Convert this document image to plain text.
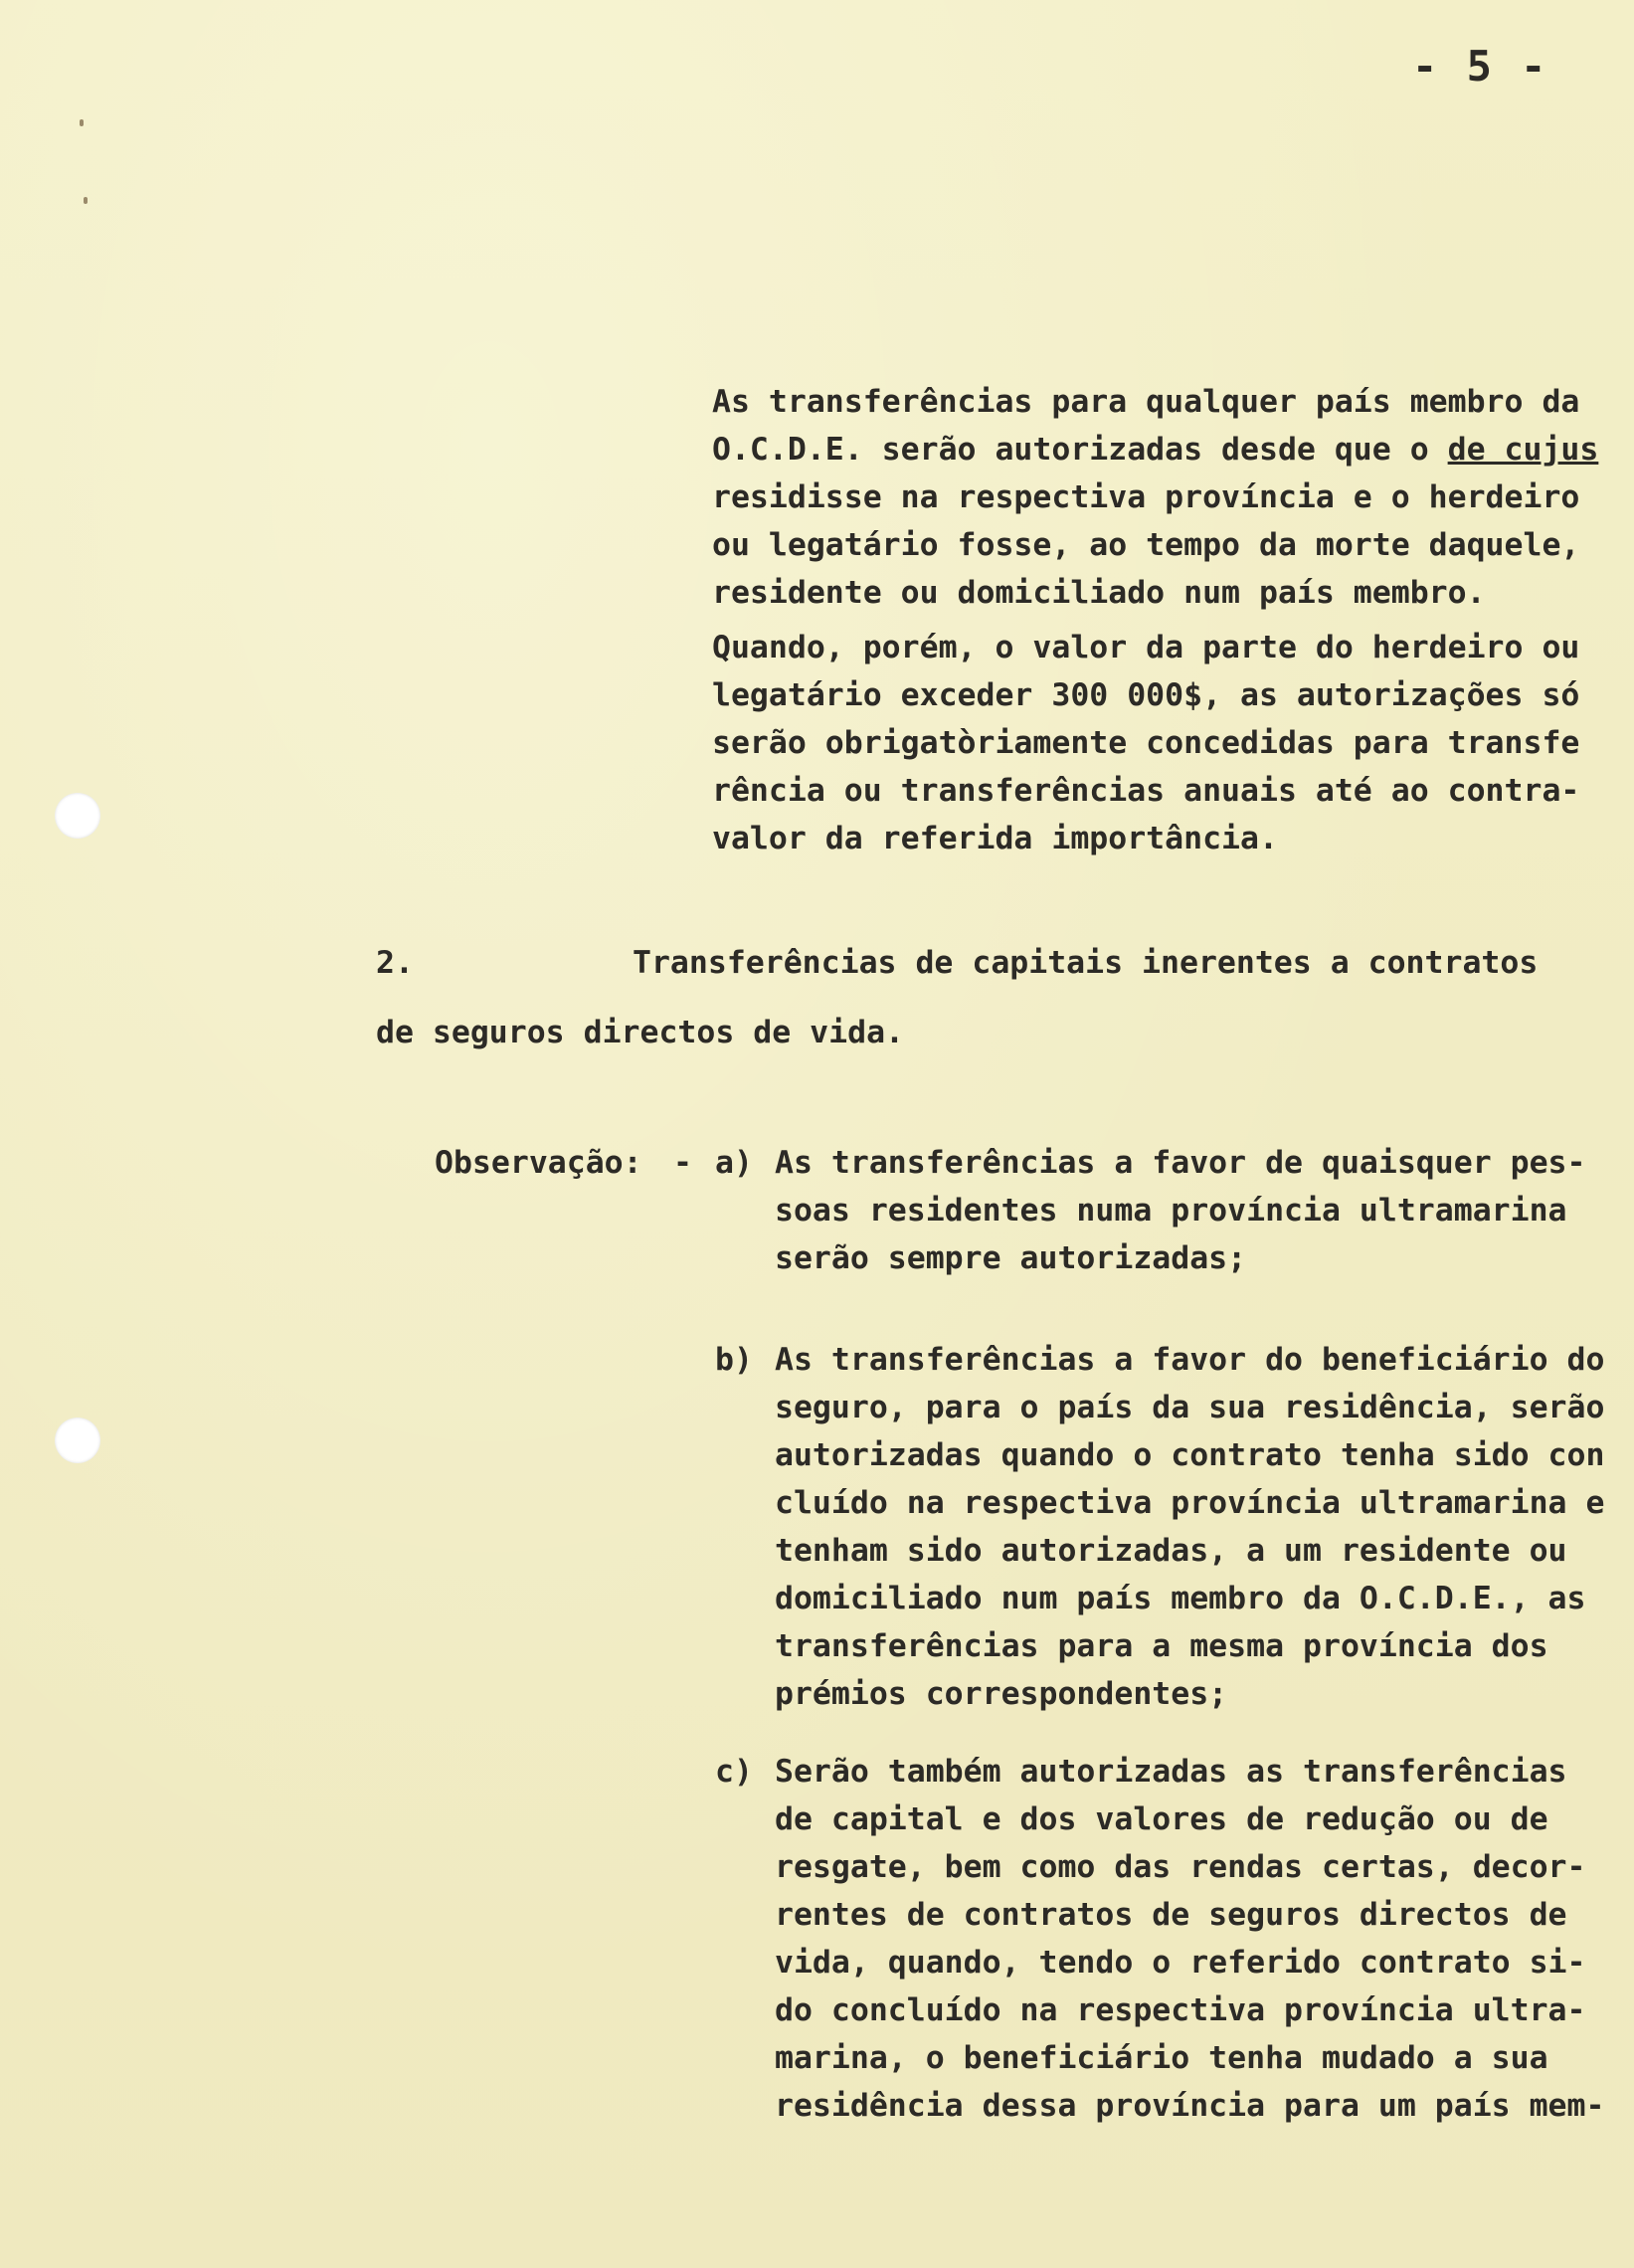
- 5 -

As transferências para qualquer país membro da

O.C.D.E. serão autorizadas desde que o de cujus

residisse na respectiva província e o herdeiro

ou legatário fosse, ao tempo da morte daquele,

residente ou domiciliado num país membro.

Quando, porém, o valor da parte do herdeiro ou

legatário exceder 300 000$, as autorizações só

serão obrigatòriamente concedidas para transfe

rência ou transferências anuais até ao contra-

valor da referida importância.

2.	Transferências de capitais inerentes a contratos

de seguros directos de vida.

Observação: - a) As transferências a favor de quaisquer pes-

soas residentes numa província ultramarina

serão sempre autorizadas;

b) As transferências a favor do beneficiário do

seguro, para o país da sua residência, serão

autorizadas quando o contrato tenha sido con

cluído na respectiva província ultramarina e

tenham sido autorizadas, a um residente ou

domiciliado num país membro da O.C.D.E., as

transferências para a mesma província dos

prémios correspondentes;

c) Serão também autorizadas as transferências

de capital e dos valores de redução ou de

resgate, bem como das rendas certas, decor-

rentes de contratos de seguros directos de

vida, quando, tendo o referido contrato si-

do concluído na respectiva província ultra-

marina, o beneficiário tenha mudado a sua

residência dessa província para um país mem-
